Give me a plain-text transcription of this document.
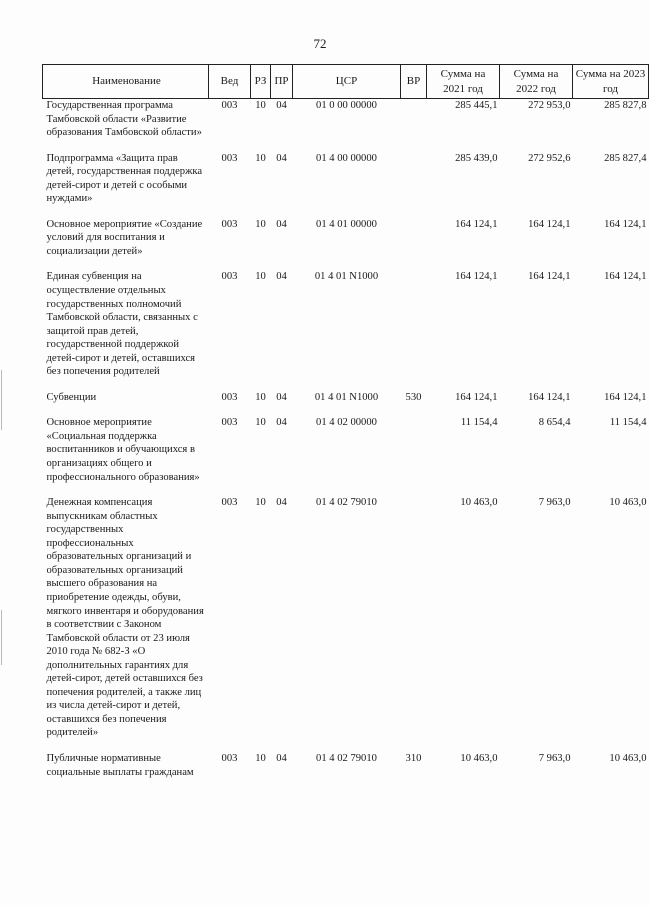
72
Наименование	Вед	РЗ	ПР	ЦСР	ВР	Сумма на 2021 год	Сумма на 2022 год	Сумма на 2023 год
Государственная программа Тамбовской области «Развитие образования Тамбовской области»	003	10	04	01 0 00 00000		285 445,1	272 953,0	285 827,8
Подпрограмма «Защита прав детей, государственная поддержка детей-сирот и детей с особыми нуждами»	003	10	04	01 4 00 00000		285 439,0	272 952,6	285 827,4
Основное мероприятие «Создание условий для воспитания и социализации детей»	003	10	04	01 4 01 00000		164 124,1	164 124,1	164 124,1
Единая субвенция на осуществление отдельных государственных полномочий Тамбовской области, связанных с защитой прав детей, государственной поддержкой детей-сирот и детей, оставшихся без попечения родителей	003	10	04	01 4 01 N1000		164 124,1	164 124,1	164 124,1
Субвенции	003	10	04	01 4 01 N1000	530	164 124,1	164 124,1	164 124,1
Основное мероприятие «Социальная поддержка воспитанников и обучающихся в организациях общего и профессионального образования»	003	10	04	01 4 02 00000		11 154,4	8 654,4	11 154,4
Денежная компенсация выпускникам областных государственных профессиональных образовательных организаций и образовательных организаций высшего образования на приобретение одежды, обуви, мягкого инвентаря и оборудования в соответствии с Законом Тамбовской области от 23 июля 2010 года № 682-З «О дополнительных гарантиях для детей-сирот, детей оставшихся без попечения родителей, а также лиц из числа детей-сирот и детей, оставшихся без попечения родителей»	003	10	04	01 4 02 79010		10 463,0	7 963,0	10 463,0
Публичные нормативные социальные выплаты гражданам	003	10	04	01 4 02 79010	310	10 463,0	7 963,0	10 463,0
